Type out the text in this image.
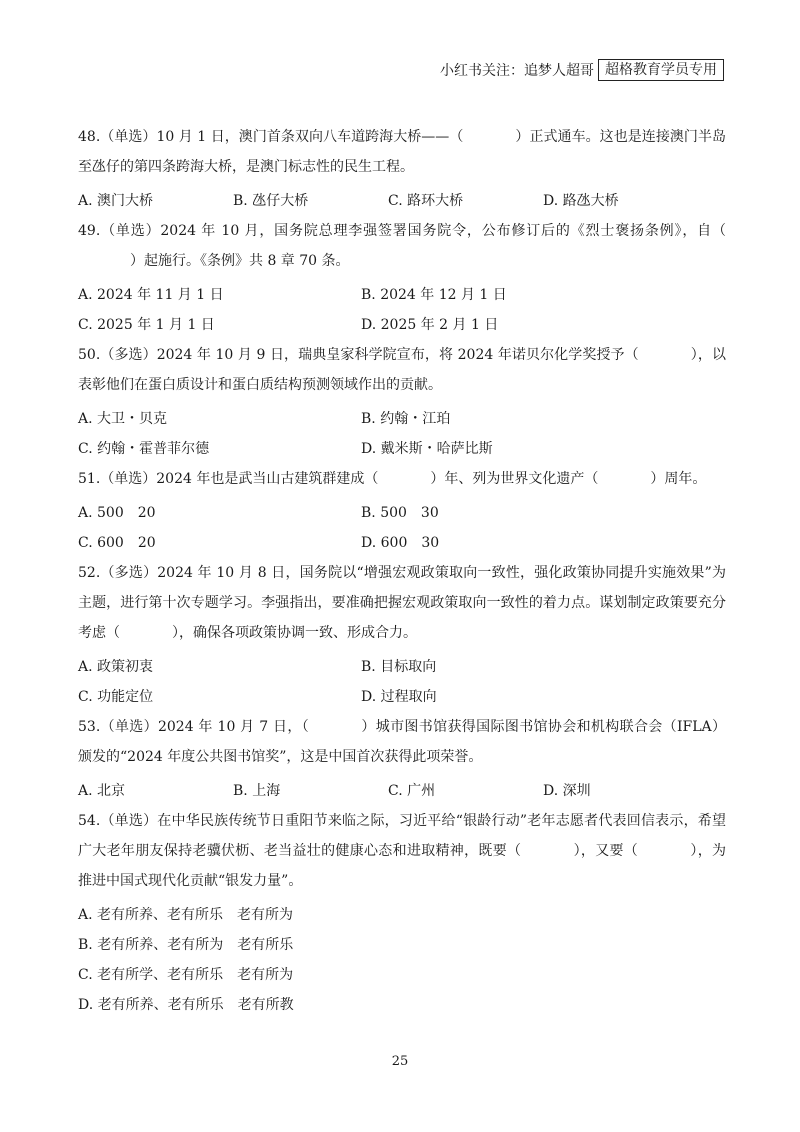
小红书关注：追梦人超哥 超格教育学员专用
48.（单选）10 月 1 日，澳门首条双向八车道跨海大桥——（	）正式通车。这也是连接澳门半岛至氹仔的第四条跨海大桥，是澳门标志性的民生工程。
A. 澳门大桥	B. 氹仔大桥	C. 路环大桥	D. 路氹大桥
49.（单选）2024 年 10 月，国务院总理李强签署国务院令，公布修订后的《烈士褒扬条例》，自（）起施行。《条例》共 8 章 70 条。
A. 2024 年 11 月 1 日	B. 2024 年 12 月 1 日
C. 2025 年 1 月 1 日	D. 2025 年 2 月 1 日
50.（多选）2024 年 10 月 9 日，瑞典皇家科学院宣布，将 2024 年诺贝尔化学奖授予（	），以表彰他们在蛋白质设计和蛋白质结构预测领域作出的贡献。
A. 大卫・贝克	B. 约翰・江珀
C. 约翰・霍普菲尔德	D. 戴米斯・哈萨比斯
51.（单选）2024 年也是武当山古建筑群建成（	）年、列为世界文化遗产（	）周年。
A. 500　20	B. 500　30
C. 600　20	D. 600　30
52.（多选）2024 年 10 月 8 日，国务院以“增强宏观政策取向一致性，强化政策协同提升实施效果”为主题，进行第十次专题学习。李强指出，要准确把握宏观政策取向一致性的着力点。谋划制定政策要充分考虑（	），确保各项政策协调一致、形成合力。
A. 政策初衷	B. 目标取向
C. 功能定位	D. 过程取向
53.（单选）2024 年 10 月 7 日，（	）城市图书馆获得国际图书馆协会和机构联合会（IFLA）颁发的“2024 年度公共图书馆奖”，这是中国首次获得此项荣誉。
A. 北京	B. 上海	C. 广州	D. 深圳
54.（单选）在中华民族传统节日重阳节来临之际，习近平给“银龄行动”老年志愿者代表回信表示，希望广大老年朋友保持老骥伏枥、老当益壮的健康心态和进取精神，既要（	），又要（	），为推进中国式现代化贡献“银发力量”。
A. 老有所养、老有所乐　老有所为
B. 老有所养、老有所为　老有所乐
C. 老有所学、老有所乐　老有所为
D. 老有所养、老有所乐　老有所教
25
